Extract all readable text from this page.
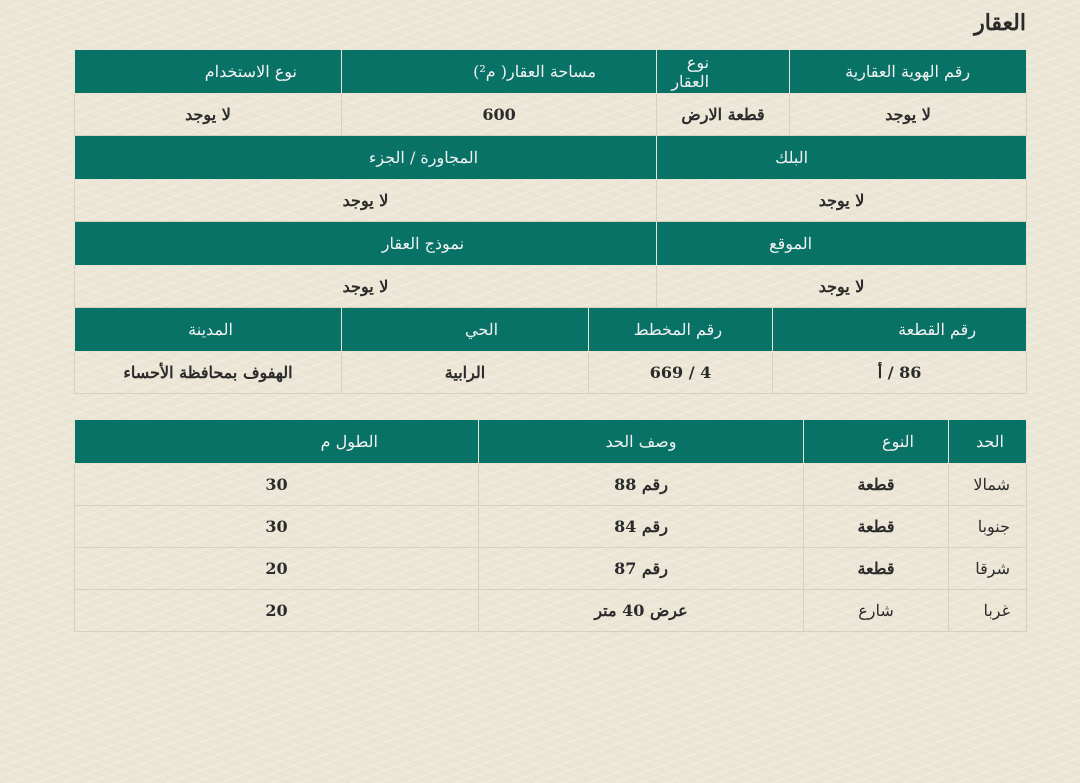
العقار
رقم الهوية العقارية	نوع العقار		مساحة العقار( م²)		نوع الاستخدام
لا يوجد	قطعة الارض		600		لا يوجد
البلك			المجاورة / الجزء		
لا يوجد			لا يوجد		
الموقع			نموذج العقار		
لا يوجد			لا يوجد		
رقم القطعة		رقم المخطط		الحي	المدينة
86 / أ		4 / 669		الرابية	الهفوف بمحافظة الأحساء
الحد	النوع	وصف الحد	الطول م
شمالا	قطعة	رقم 88	30
جنوبا	قطعة	رقم 84	30
شرقا	قطعة	رقم 87	20
غربا	شارع	عرض 40 متر	20
